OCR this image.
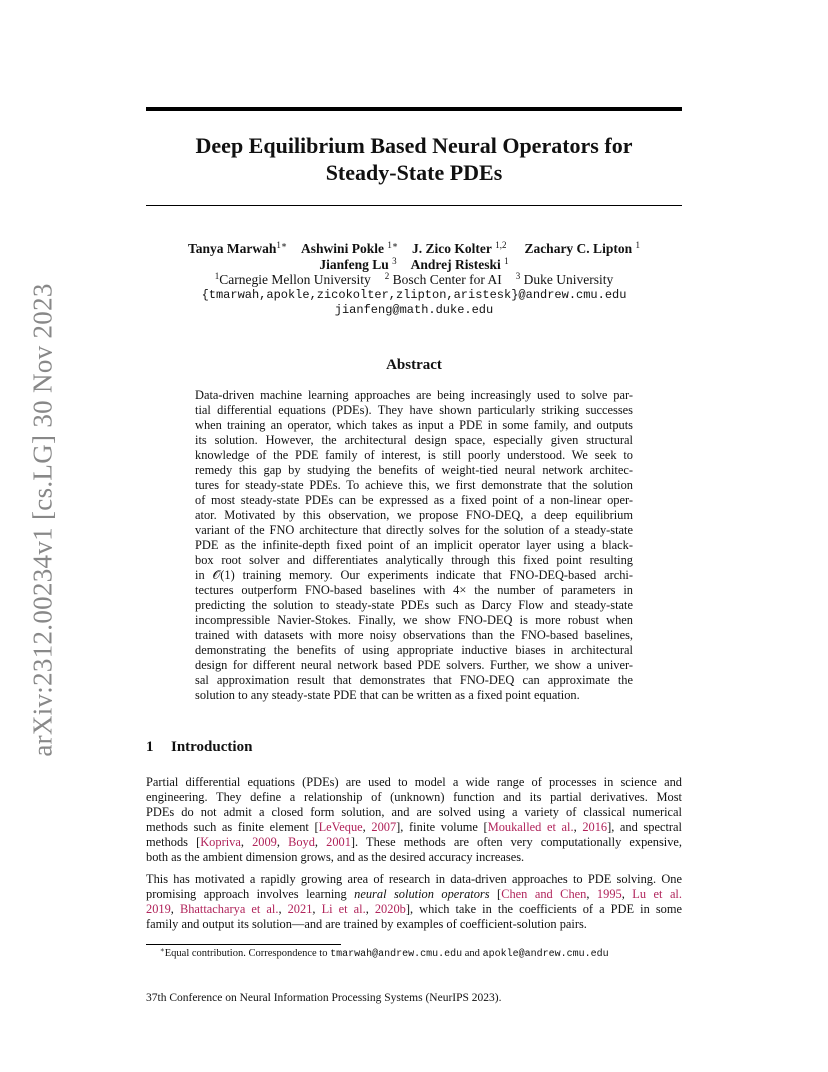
arXiv:2312.00234v1 [cs.LG] 30 Nov 2023
Deep Equilibrium Based Neural Operators for
Steady-State PDEs
Tanya Marwah$^{1∗}$ Ashwini Pokle $^{1∗}$ J. Zico Kolter $^{1,2}$ Zachary C. Lipton $^1$
Jianfeng Lu $^3$ Andrej Risteski $^1$
$^1$Carnegie Mellon University $^2$ Bosch Center for AI $^3$ Duke University
{tmarwah,apokle,zicokolter,zlipton,aristesk}@andrew.cmu.edu
jianfeng@math.duke.edu
Abstract
Data-driven machine learning approaches are being increasingly used to solve par-
tial differential equations (PDEs). They have shown particularly striking successes
when training an operator, which takes as input a PDE in some family, and outputs
its solution. However, the architectural design space, especially given structural
knowledge of the PDE family of interest, is still poorly understood. We seek to
remedy this gap by studying the benefits of weight-tied neural network architec-
tures for steady-state PDEs. To achieve this, we first demonstrate that the solution
of most steady-state PDEs can be expressed as a fixed point of a non-linear oper-
ator. Motivated by this observation, we propose FNO-DEQ, a deep equilibrium
variant of the FNO architecture that directly solves for the solution of a steady-state
PDE as the infinite-depth fixed point of an implicit operator layer using a black-
box root solver and differentiates analytically through this fixed point resulting
in 𝒪(1) training memory. Our experiments indicate that FNO-DEQ-based archi-
tectures outperform FNO-based baselines with 4× the number of parameters in
predicting the solution to steady-state PDEs such as Darcy Flow and steady-state
incompressible Navier-Stokes. Finally, we show FNO-DEQ is more robust when
trained with datasets with more noisy observations than the FNO-based baselines,
demonstrating the benefits of using appropriate inductive biases in architectural
design for different neural network based PDE solvers. Further, we show a univer-
sal approximation result that demonstrates that FNO-DEQ can approximate the
solution to any steady-state PDE that can be written as a fixed point equation.
1 Introduction
Partial differential equations (PDEs) are used to model a wide range of processes in science and
engineering. They define a relationship of (unknown) function and its partial derivatives. Most
PDEs do not admit a closed form solution, and are solved using a variety of classical numerical
methods such as finite element [LeVeque, 2007], finite volume [Moukalled et al., 2016], and spectral
methods [Kopriva, 2009, Boyd, 2001]. These methods are often very computationally expensive,
both as the ambient dimension grows, and as the desired accuracy increases.
This has motivated a rapidly growing area of research in data-driven approaches to PDE solving. One
promising approach involves learning neural solution operators [Chen and Chen, 1995, Lu et al.
2019, Bhattacharya et al., 2021, Li et al., 2020b], which take in the coefficients of a PDE in some
family and output its solution—and are trained by examples of coefficient-solution pairs.
∗Equal contribution. Correspondence to tmarwah@andrew.cmu.edu and apokle@andrew.cmu.edu
37th Conference on Neural Information Processing Systems (NeurIPS 2023).
